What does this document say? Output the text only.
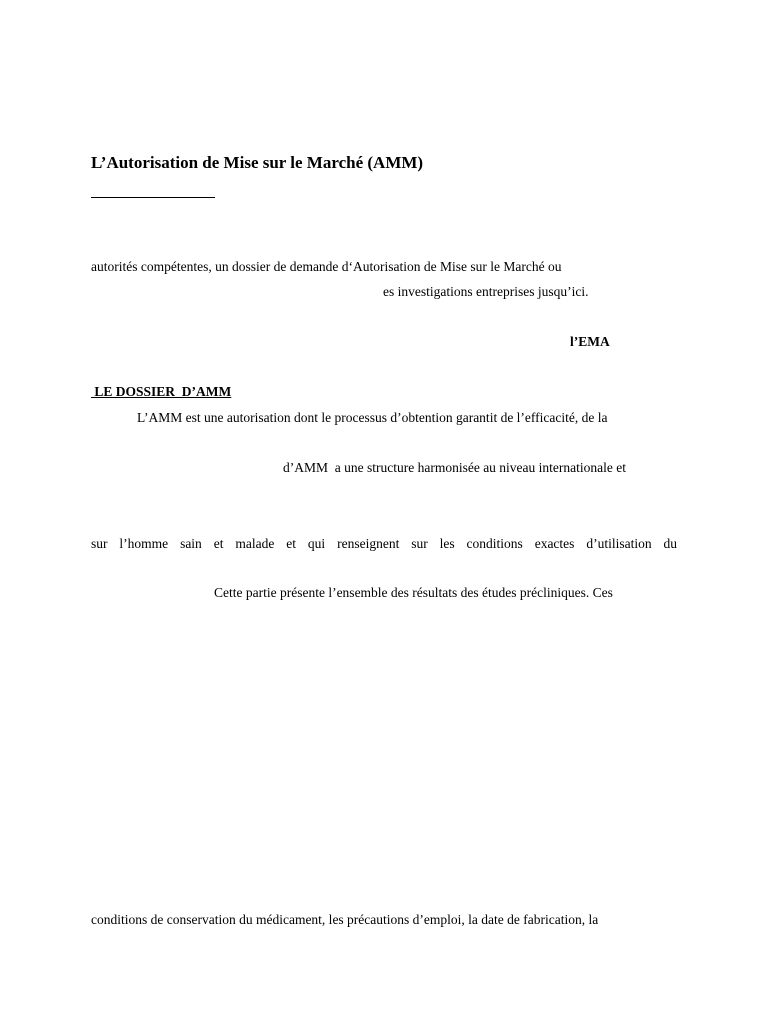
L’Autorisation de Mise sur le Marché (AMM)
autorités compétentes, un dossier de demande d‘Autorisation de Mise sur le Marché ou
es investigations entreprises jusqu’ici.
l’EMA
LE DOSSIER  D’AMM
L’AMM est une autorisation dont le processus d’obtention garantit de l’efficacité, de la
d’AMM  a une structure harmonisée au niveau internationale et
sur l’homme sain et malade et qui renseignent sur les conditions exactes d’utilisation du
Cette partie présente l’ensemble des résultats des études précliniques. Ces
conditions de conservation du médicament, les précautions d’emploi, la date de fabrication, la
